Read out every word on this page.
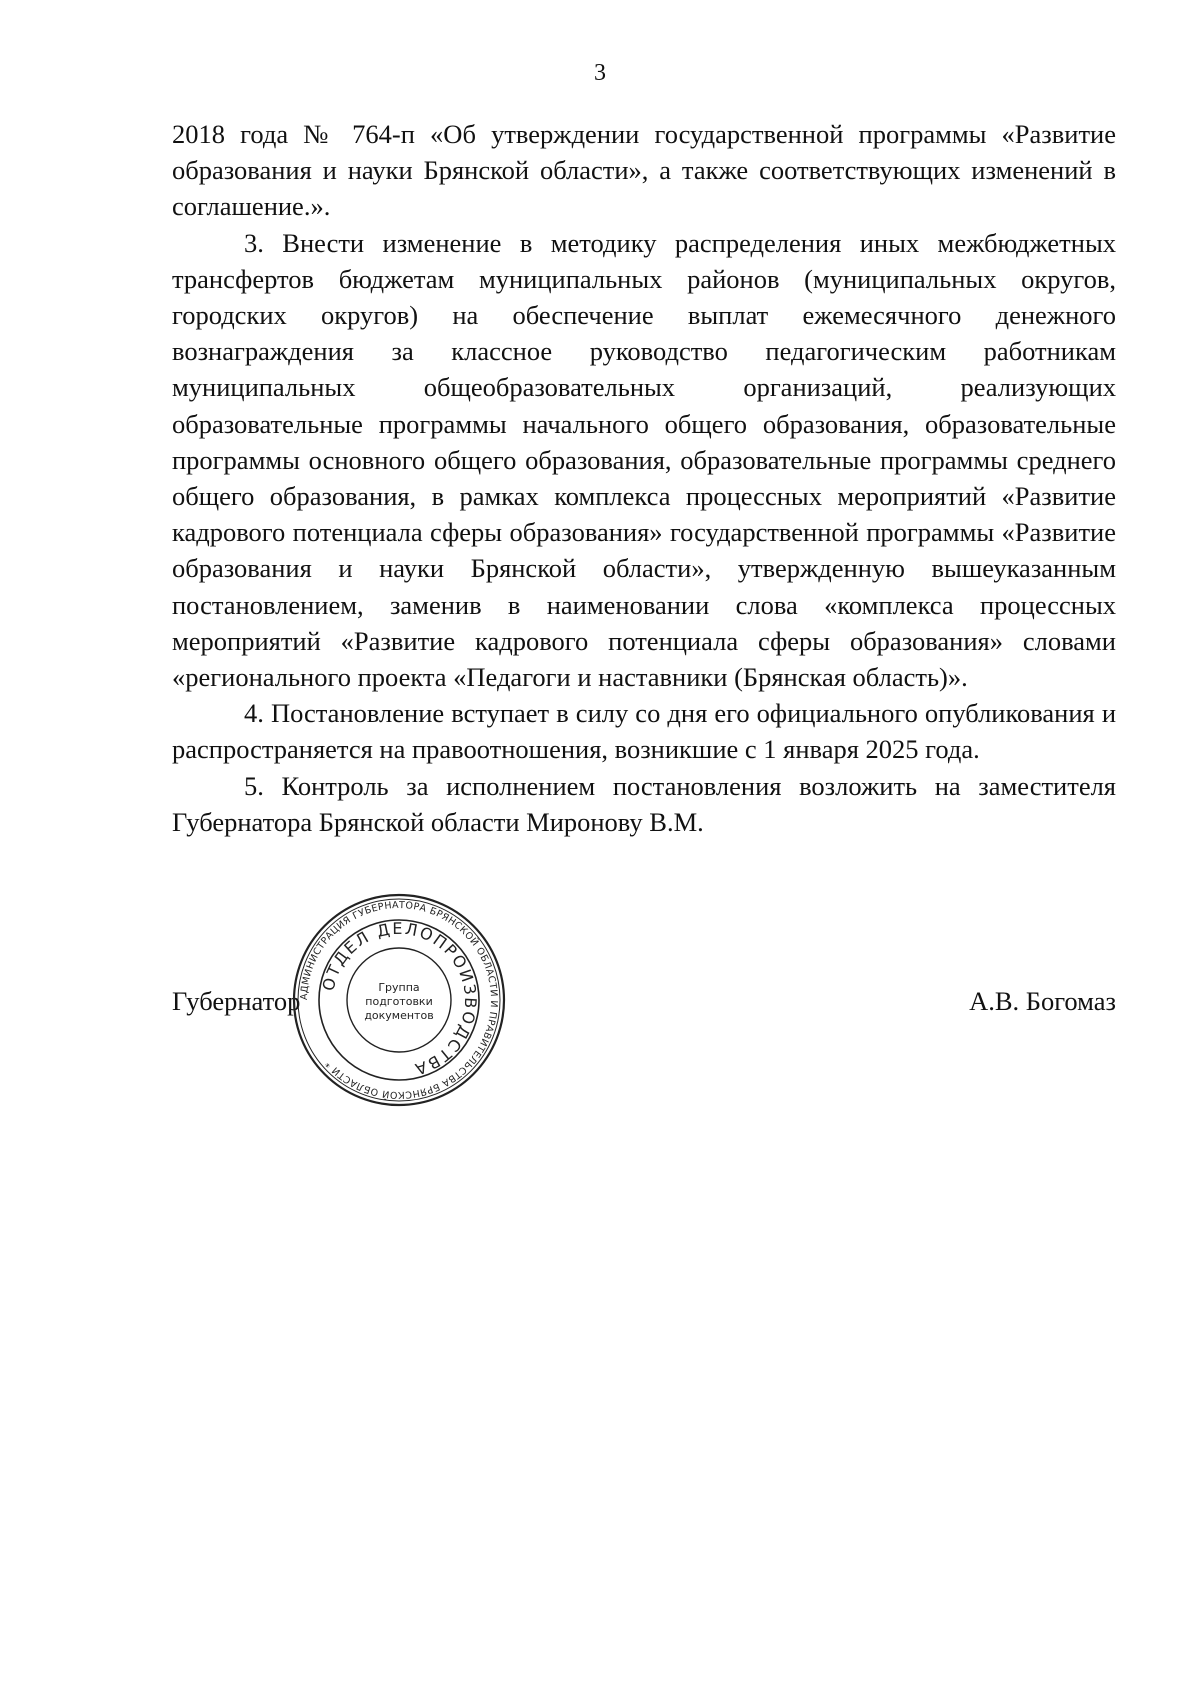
3

2018 года № 764-п «Об утверждении государственной программы «Развитие образования и науки Брянской области», а также соответствующих изменений в соглашение.».

3. Внести изменение в методику распределения иных межбюджетных трансфертов бюджетам муниципальных районов (муниципальных округов, городских округов) на обеспечение выплат ежемесячного денежного вознаграждения за классное руководство педагогическим работникам муниципальных общеобразовательных организаций, реализующих образовательные программы начального общего образования, образовательные программы основного общего образования, образовательные программы среднего общего образования, в рамках комплекса процессных мероприятий «Развитие кадрового потенциала сферы образования» государственной программы «Развитие образования и науки Брянской области», утвержденную вышеуказанным постановлением, заменив в наименовании слова «комплекса процессных мероприятий «Развитие кадрового потенциала сферы образования» словами «регионального проекта «Педагоги и наставники (Брянская область)».

4. Постановление вступает в силу со дня его официального опубликования и распространяется на правоотношения, возникшие с 1 января 2025 года.

5. Контроль за исполнением постановления возложить на заместителя Губернатора Брянской области Миронову В.М.

Губернатор	А.В. Богомаз
АДМИНИСТРАЦИЯ ГУБЕРНАТОРА БРЯНСКОЙ ОБЛАСТИ И ПРАВИТЕЛЬСТВА БРЯНСКОЙ ОБЛАСТИ *
ОТДЕЛ ДЕЛОПРОИЗВОДСТВА
Группа
подготовки
документов
